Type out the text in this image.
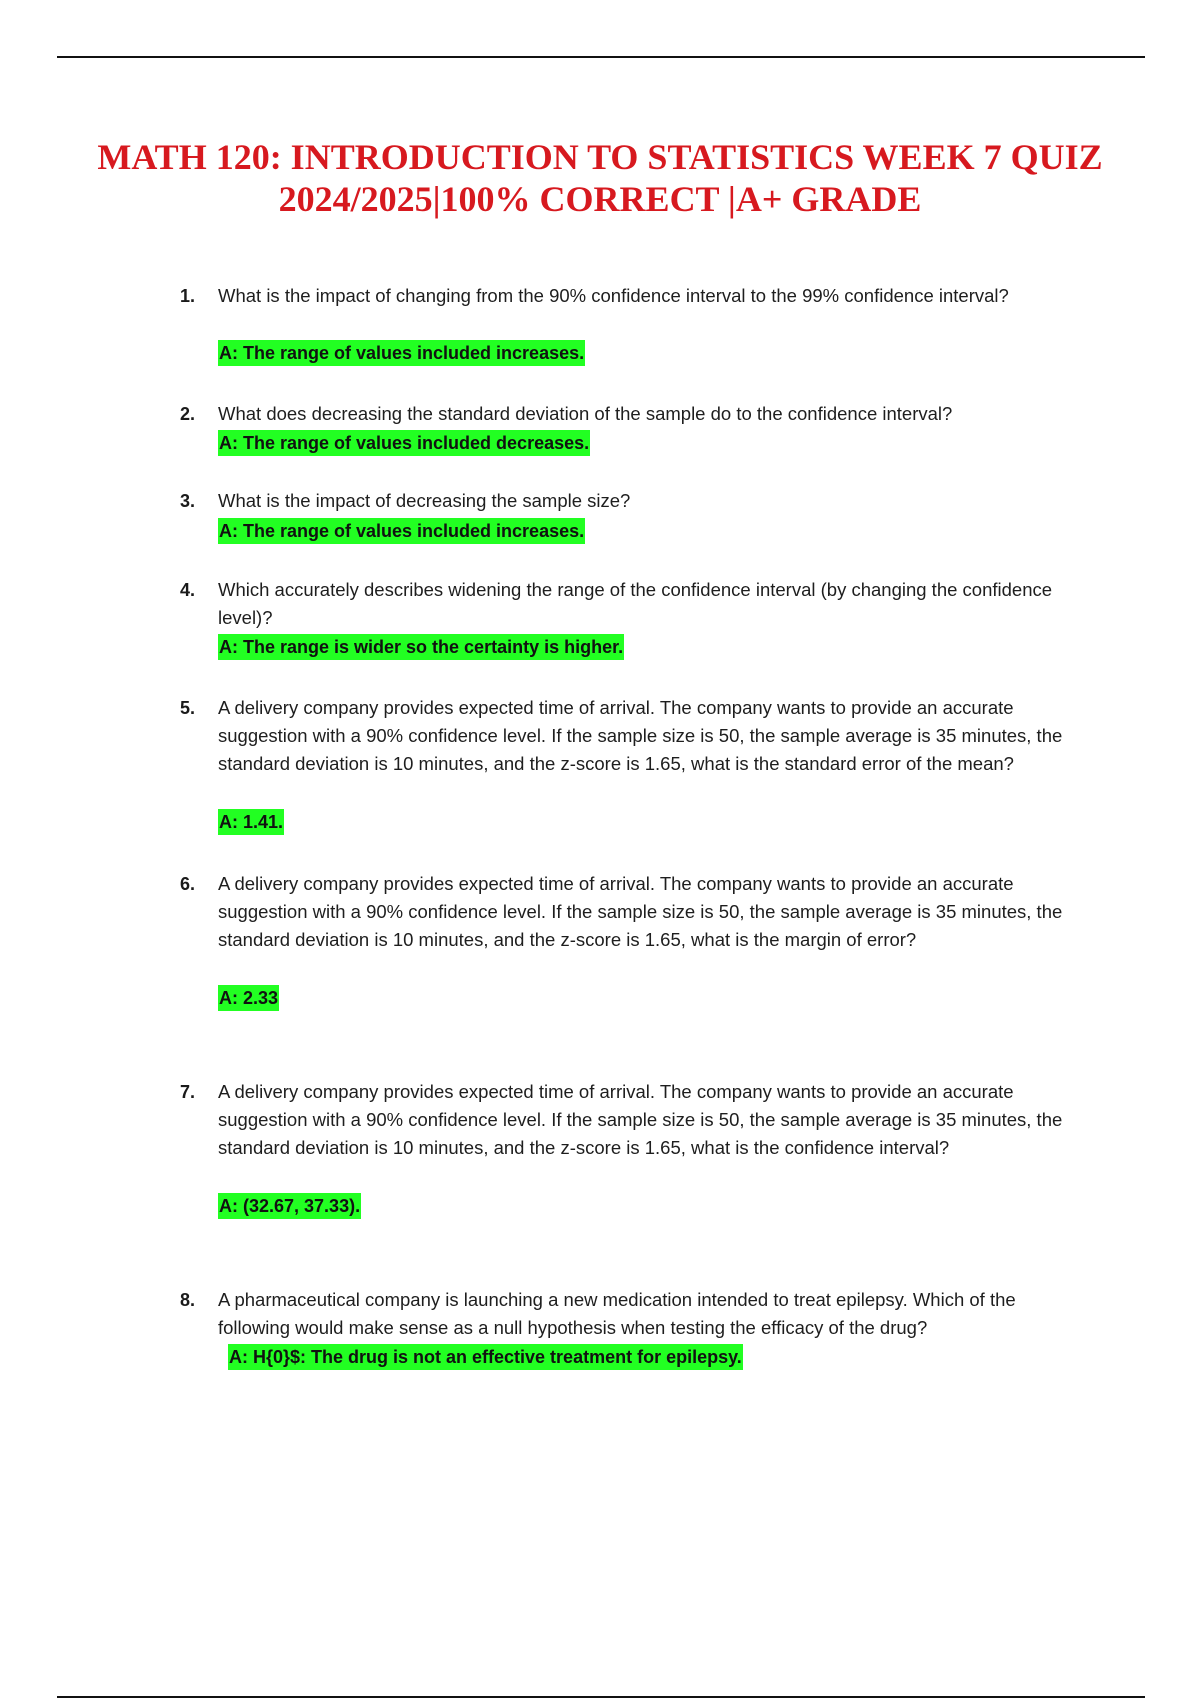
MATH 120: INTRODUCTION TO STATISTICS WEEK 7 QUIZ 2024/2025|100% CORRECT |A+ GRADE
1.	What is the impact of changing from the 90% confidence interval to the 99% confidence interval?

A: The range of values included increases.
2.	What does decreasing the standard deviation of the sample do to the confidence interval?

A: The range of values included decreases.
3.	What is the impact of decreasing the sample size?

A: The range of values included increases.
4.	Which accurately describes widening the range of the confidence interval (by changing the confidence level)?

A: The range is wider so the certainty is higher.
5.	A delivery company provides expected time of arrival. The company wants to provide an accurate suggestion with a 90% confidence level. If the sample size is 50, the sample average is 35 minutes, the standard deviation is 10 minutes, and the z-score is 1.65, what is the standard error of the mean?

A: 1.41.
6.	A delivery company provides expected time of arrival. The company wants to provide an accurate suggestion with a 90% confidence level. If the sample size is 50, the sample average is 35 minutes, the standard deviation is 10 minutes, and the z-score is 1.65, what is the margin of error?

A: 2.33
7.	A delivery company provides expected time of arrival. The company wants to provide an accurate suggestion with a 90% confidence level. If the sample size is 50, the sample average is 35 minutes, the standard deviation is 10 minutes, and the z-score is 1.65, what is the confidence interval?

A: (32.67, 37.33).
8.	A pharmaceutical company is launching a new medication intended to treat epilepsy. Which of the following would make sense as a null hypothesis when testing the efficacy of the drug?

A: H{0}$: The drug is not an effective treatment for epilepsy.
